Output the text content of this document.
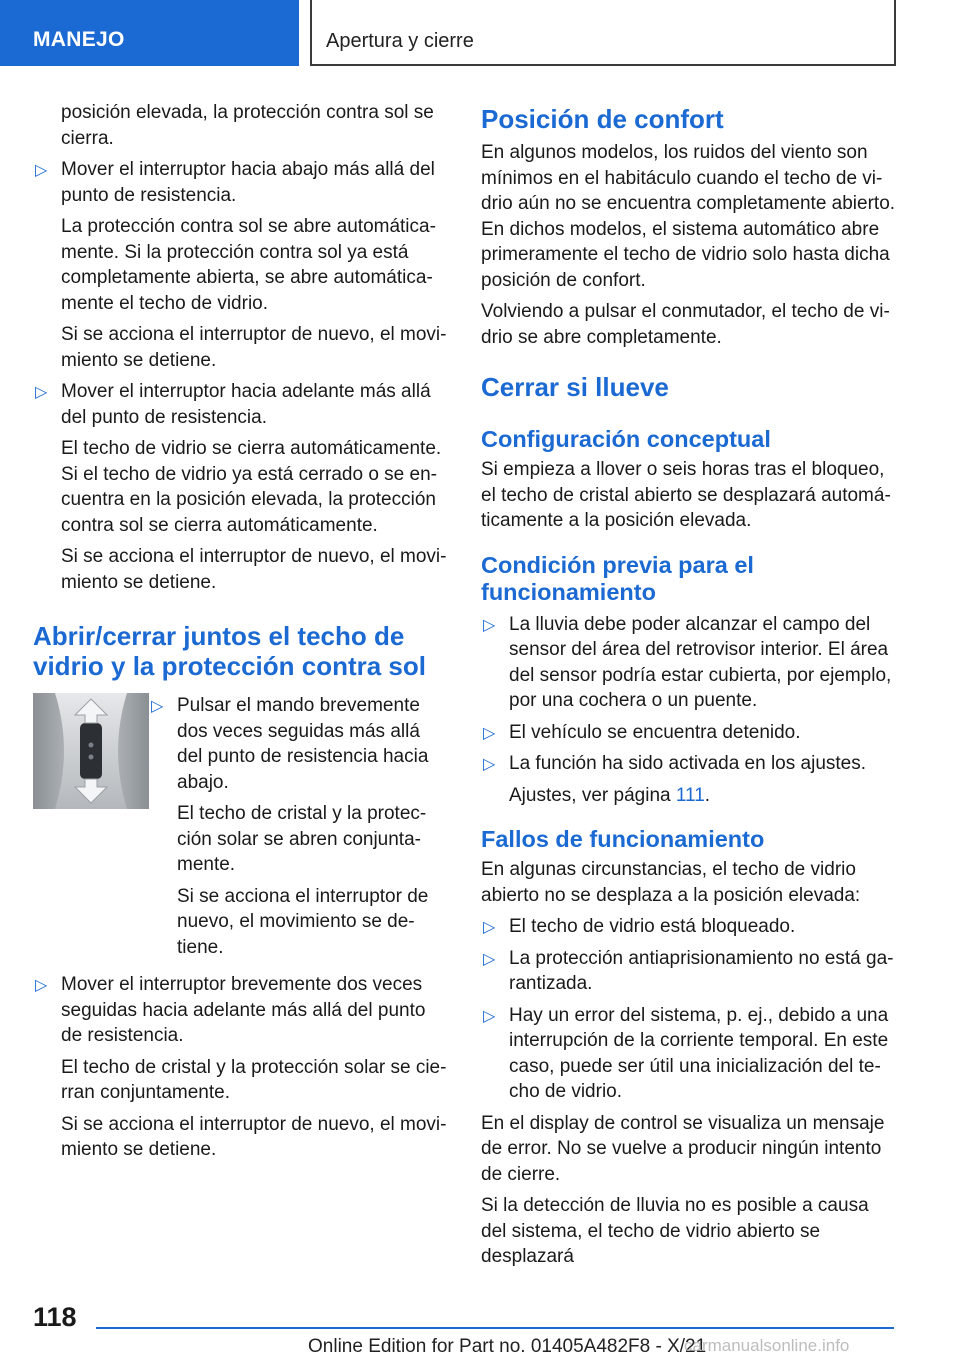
MANEJO	Apertura y cierre
posición elevada, la protección contra sol se cierra.
▷
Mover el interruptor hacia abajo más allá del punto de resistencia.
La protección contra sol se abre automáticamente. Si la protección contra sol ya está completamente abierta, se abre automáticamente el techo de vidrio.
Si se acciona el interruptor de nuevo, el movimiento se detiene.
▷
Mover el interruptor hacia adelante más allá del punto de resistencia.
El techo de vidrio se cierra automáticamente. Si el techo de vidrio ya está cerrado o se encuentra en la posición elevada, la protección contra sol se cierra automáticamente.
Si se acciona el interruptor de nuevo, el movimiento se detiene.
Abrir/cerrar juntos el techo de vidrio y la protección contra sol
▷
Pulsar el mando brevemente dos veces seguidas más allá del punto de resistencia hacia abajo.
El techo de cristal y la protección solar se abren conjuntamente.
Si se acciona el interruptor de nuevo, el movimiento se detiene.
▷
Mover el interruptor brevemente dos veces seguidas hacia adelante más allá del punto de resistencia.
El techo de cristal y la protección solar se cierran conjuntamente.
Si se acciona el interruptor de nuevo, el movimiento se detiene.
Posición de confort
En algunos modelos, los ruidos del viento son mínimos en el habitáculo cuando el techo de vidrio aún no se encuentra completamente abierto. En dichos modelos, el sistema automático abre primeramente el techo de vidrio solo hasta dicha posición de confort.
Volviendo a pulsar el conmutador, el techo de vidrio se abre completamente.
Cerrar si llueve
Configuración conceptual
Si empieza a llover o seis horas tras el bloqueo, el techo de cristal abierto se desplazará automáticamente a la posición elevada.
Condición previa para el funcionamiento
▷
La lluvia debe poder alcanzar el campo del sensor del área del retrovisor interior. El área del sensor podría estar cubierta, por ejemplo, por una cochera o un puente.
▷
El vehículo se encuentra detenido.
▷
La función ha sido activada en los ajustes.
Ajustes, ver página 111.
Fallos de funcionamiento
En algunas circunstancias, el techo de vidrio abierto no se desplaza a la posición elevada:
▷
El techo de vidrio está bloqueado.
▷
La protección antiaprisionamiento no está garantizada.
▷
Hay un error del sistema, p. ej., debido a una interrupción de la corriente temporal. En este caso, puede ser útil una inicialización del techo de vidrio.
En el display de control se visualiza un mensaje de error. No se vuelve a producir ningún intento de cierre.
Si la detección de lluvia no es posible a causa del sistema, el techo de vidrio abierto se desplazará
118
Online Edition for Part no. 01405A482F8 - X/21
carmanualsonline.info
